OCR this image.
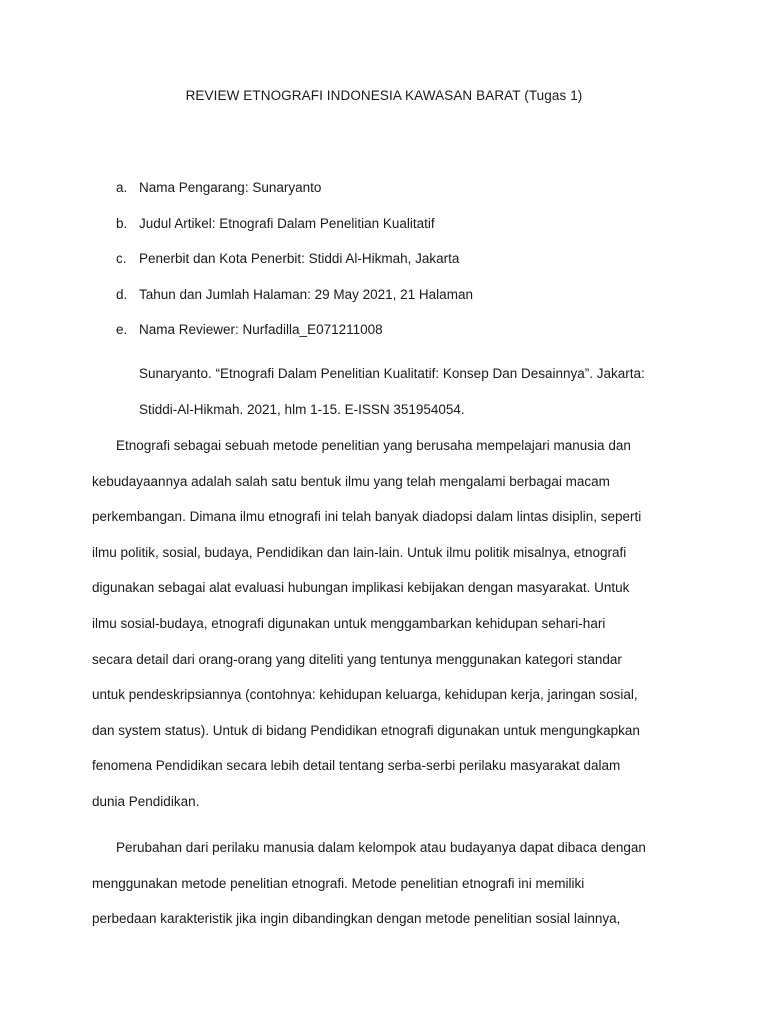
REVIEW ETNOGRAFI INDONESIA KAWASAN BARAT (Tugas 1)
a. Nama Pengarang: Sunaryanto
b. Judul Artikel: Etnografi Dalam Penelitian Kualitatif
c. Penerbit dan Kota Penerbit: Stiddi Al-Hikmah, Jakarta
d. Tahun dan Jumlah Halaman: 29 May 2021, 21 Halaman
e. Nama Reviewer: Nurfadilla_E071211008

Sunaryanto. “Etnografi Dalam Penelitian Kualitatif: Konsep Dan Desainnya”. Jakarta:

Stiddi-Al-Hikmah. 2021, hlm 1-15. E-ISSN 351954054.

Etnografi sebagai sebuah metode penelitian yang berusaha mempelajari manusia dan
kebudayaannya adalah salah satu bentuk ilmu yang telah mengalami berbagai macam
perkembangan. Dimana ilmu etnografi ini telah banyak diadopsi dalam lintas disiplin, seperti
ilmu politik, sosial, budaya, Pendidikan dan lain-lain. Untuk ilmu politik misalnya, etnografi
digunakan sebagai alat evaluasi hubungan implikasi kebijakan dengan masyarakat. Untuk
ilmu sosial-budaya, etnografi digunakan untuk menggambarkan kehidupan sehari-hari
secara detail dari orang-orang yang diteliti yang tentunya menggunakan kategori standar
untuk pendeskripsiannya (contohnya: kehidupan keluarga, kehidupan kerja, jaringan sosial,
dan system status). Untuk di bidang Pendidikan etnografi digunakan untuk mengungkapkan
fenomena Pendidikan secara lebih detail tentang serba-serbi perilaku masyarakat dalam
dunia Pendidikan.

Perubahan dari perilaku manusia dalam kelompok atau budayanya dapat dibaca dengan
menggunakan metode penelitian etnografi. Metode penelitian etnografi ini memiliki
perbedaan karakteristik jika ingin dibandingkan dengan metode penelitian sosial lainnya,
